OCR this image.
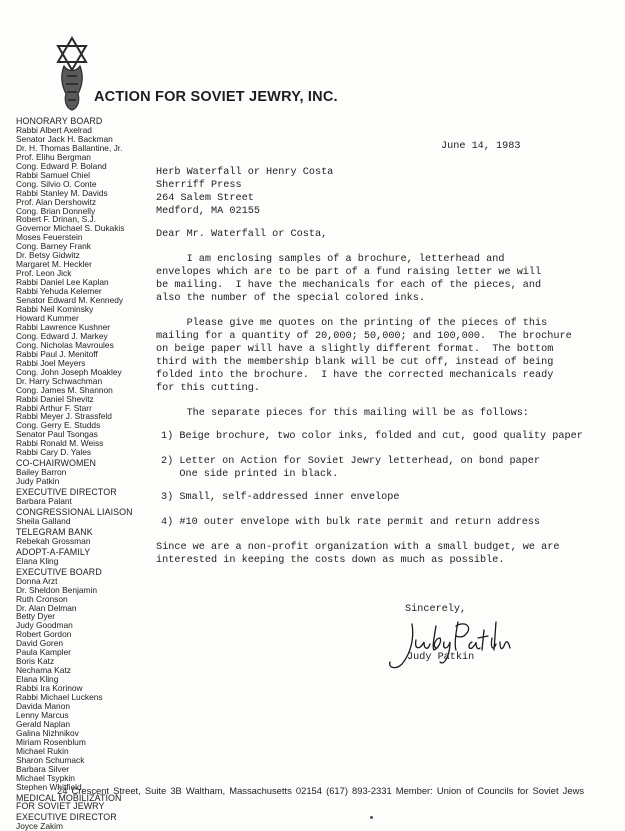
ACTION FOR SOVIET JEWRY, INC.
HONORARY BOARD
Rabbi Albert Axelrad
Senator Jack H. Backman
Dr. H. Thomas Ballantine, Jr.
Prof. Elihu Bergman
Cong. Edward P. Boland
Rabbi Samuel Chiel
Cong. Silvio O. Conte
Rabbi Stanley M. Davids
Prof. Alan Dershowitz
Cong. Brian Donnelly
Robert F. Drinan, S.J.
Governor Michael S. Dukakis
Moses Feuerstein
Cong. Barney Frank
Dr. Betsy Gidwitz
Margaret M. Heckler
Prof. Leon Jick
Rabbi Daniel Lee Kaplan
Rabbi Yehuda Kelemer
Senator Edward M. Kennedy
Rabbi Neil Kominsky
Howard Kummer
Rabbi Lawrence Kushner
Cong. Edward J. Markey
Cong. Nicholas Mavroules
Rabbi Paul J. Menitoff
Rabbi Joel Meyers
Cong. John Joseph Moakley
Dr. Harry Schwachman
Cong. James M. Shannon
Rabbi Daniel Shevitz
Rabbi Arthur F. Starr
Rabbi Meyer J. Strassfeld
Cong. Gerry E. Studds
Senator Paul Tsongas
Rabbi Ronald M. Weiss
Rabbi Cary D. Yales
CO-CHAIRWOMEN
Bailey Barron
Judy Patkin
EXECUTIVE DIRECTOR
Barbara Palant
CONGRESSIONAL LIAISON
Sheila Galland
TELEGRAM BANK
Rebekah Grossman
ADOPT-A-FAMILY
Elana Kling
EXECUTIVE BOARD
Donna Arzt
Dr. Sheldon Benjamin
Ruth Cronson
Dr. Alan Delman
Betty Dyer
Judy Goodman
Robert Gordon
David Goren
Paula Kampler
Boris Katz
Nechama Katz
Elana Kling
Rabbi Ira Korinow
Rabbi Michael Luckens
Davida Manon
Lenny Marcus
Gerald Naplan
Galina Nizhnikov
Miriam Rosenblum
Michael Rukin
Sharon Schumack
Barbara Silver
Michael Tsypkin
Stephen Whitfield
MEDICAL MOBILIZATION FOR SOVIET JEWRY
EXECUTIVE DIRECTOR
Joyce Zakim
June 14, 1983
Herb Waterfall or Henry Costa
Sherriff Press
264 Salem Street
Medford, MA 02155
Dear Mr. Waterfall or Costa,
I am enclosing samples of a brochure, letterhead and
envelopes which are to be part of a fund raising letter we will
be mailing.  I have the mechanicals for each of the pieces, and
also the number of the special colored inks.
Please give me quotes on the printing of the pieces of this
mailing for a quantity of 20,000; 50,000; and 100,000.  The brochure
on beige paper will have a slightly different format.  The bottom
third with the membership blank will be cut off, instead of being
folded into the brochure.  I have the corrected mechanicals ready
for this cutting.
The separate pieces for this mailing will be as follows:
1) Beige brochure, two color inks, folded and cut, good quality paper
2) Letter on Action for Soviet Jewry letterhead, on bond paper
One side printed in black.
3) Small, self-addressed inner envelope
4) #10 outer envelope with bulk rate permit and return address
Since we are a non-profit organization with a small budget, we are
interested in keeping the costs down as much as possible.
Sincerely,
Judy Patkin
24 Crescent Street, Suite 3B Waltham, Massachusetts 02154 (617) 893-2331 Member: Union of Councils for Soviet Jews
